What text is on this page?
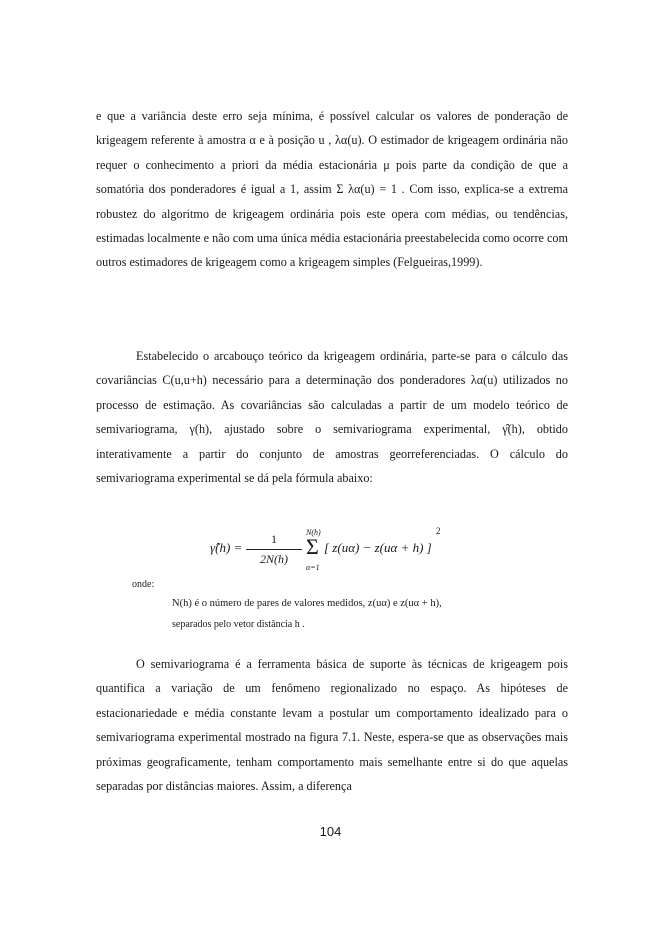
e que a variância deste erro seja mínima, é possível calcular os valores de ponderação de krigeagem referente à amostra α e à posição u , λα(u). O estimador de krigeagem ordinária não requer o conhecimento a priori da média estacionária μ pois parte da condição de que a somatória dos ponderadores é igual a 1, assim Σ λα(u) = 1 . Com isso, explica-se a extrema robustez do algoritmo de krigeagem ordinária pois este opera com médias, ou tendências, estimadas localmente e não com uma única média estacionária preestabelecida como ocorre com outros estimadores de krigeagem como a krigeagem simples (Felgueiras,1999).
Estabelecido o arcabouço teórico da krigeagem ordinária, parte-se para o cálculo das covariâncias C(u,u+h) necessário para a determinação dos ponderadores λα(u) utilizados no processo de estimação. As covariâncias são calculadas a partir de um modelo teórico de semivariograma, γ(h), ajustado sobre o semivariograma experimental, γ̂(h), obtido interativamente a partir do conjunto de amostras georreferenciadas. O cálculo do semivariograma experimental se dá pela fórmula abaixo:
γ̂(h) =
1
2N(h)
N(h)
Σ
α=1
[ z(uα) − z(uα + h) ]
2
onde:
N(h) é o número de pares de valores medidos, z(uα) e z(uα + h),
separados pelo vetor distância h .
O semivariograma é a ferramenta básica de suporte às técnicas de krigeagem pois quantifica a variação de um fenômeno regionalizado no espaço. As hipóteses de estacionariedade e média constante levam a postular um comportamento idealizado para o semivariograma experimental mostrado na figura 7.1. Neste, espera-se que as observações mais próximas geograficamente, tenham comportamento mais semelhante entre si do que aquelas separadas por distâncias maiores. Assim, a diferença
104
